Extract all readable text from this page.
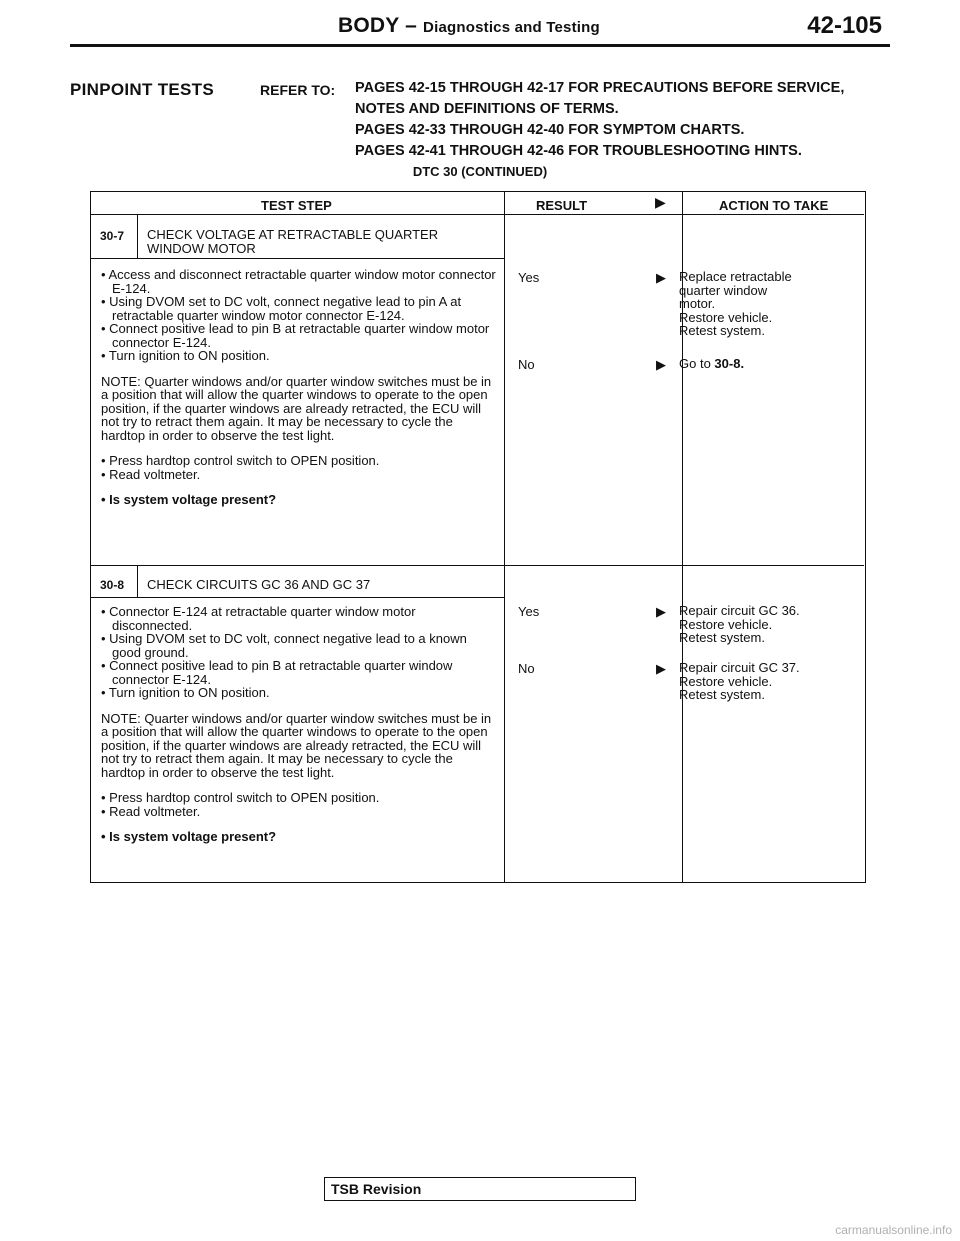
BODY – Diagnostics and Testing	42-105
PINPOINT TESTS	REFER TO: PAGES 42-15 THROUGH 42-17 FOR PRECAUTIONS BEFORE SERVICE,
NOTES AND DEFINITIONS OF TERMS.
PAGES 42-33 THROUGH 42-40 FOR SYMPTOM CHARTS.
PAGES 42-41 THROUGH 42-46 FOR TROUBLESHOOTING HINTS.
DTC 30 (CONTINUED)
TEST STEP	RESULT	▶	ACTION TO TAKE
30-7 CHECK VOLTAGE AT RETRACTABLE QUARTER
WINDOW MOTOR

• Access and disconnect retractable quarter window motor connector E-124.

• Using DVOM set to DC volt, connect negative lead to pin A at retractable quarter window motor connector E-124.

• Connect positive lead to pin B at retractable quarter window motor connector E-124.

• Turn ignition to ON position.

NOTE: Quarter windows and/or quarter window switches must be in a position that will allow the quarter windows to operate to the open position, if the quarter windows are already retracted, the ECU will not try to retract them again. It may be necessary to cycle the hardtop in order to observe the test light.

• Press hardtop control switch to OPEN position.

• Read voltmeter.

• Is system voltage present?

Yes	▶ Replace retractable
quarter window
motor.
Restore vehicle.
Retest system.
No	▶ Go to 30-8.
30-8 CHECK CIRCUITS GC 36 AND GC 37

• Connector E-124 at retractable quarter window motor disconnected.

• Using DVOM set to DC volt, connect negative lead to a known good ground.

• Connect positive lead to pin B at retractable quarter window connector E-124.

• Turn ignition to ON position.

NOTE: Quarter windows and/or quarter window switches must be in a position that will allow the quarter windows to operate to the open position, if the quarter windows are already retracted, the ECU will not try to retract them again. It may be necessary to cycle the hardtop in order to observe the test light.

• Press hardtop control switch to OPEN position.

• Read voltmeter.

• Is system voltage present?

Yes	▶ Repair circuit GC 36.
Restore vehicle.
Retest system.
No	▶ Repair circuit GC 37.
Restore vehicle.
Retest system.
TSB Revision
carmanualsonline.info
